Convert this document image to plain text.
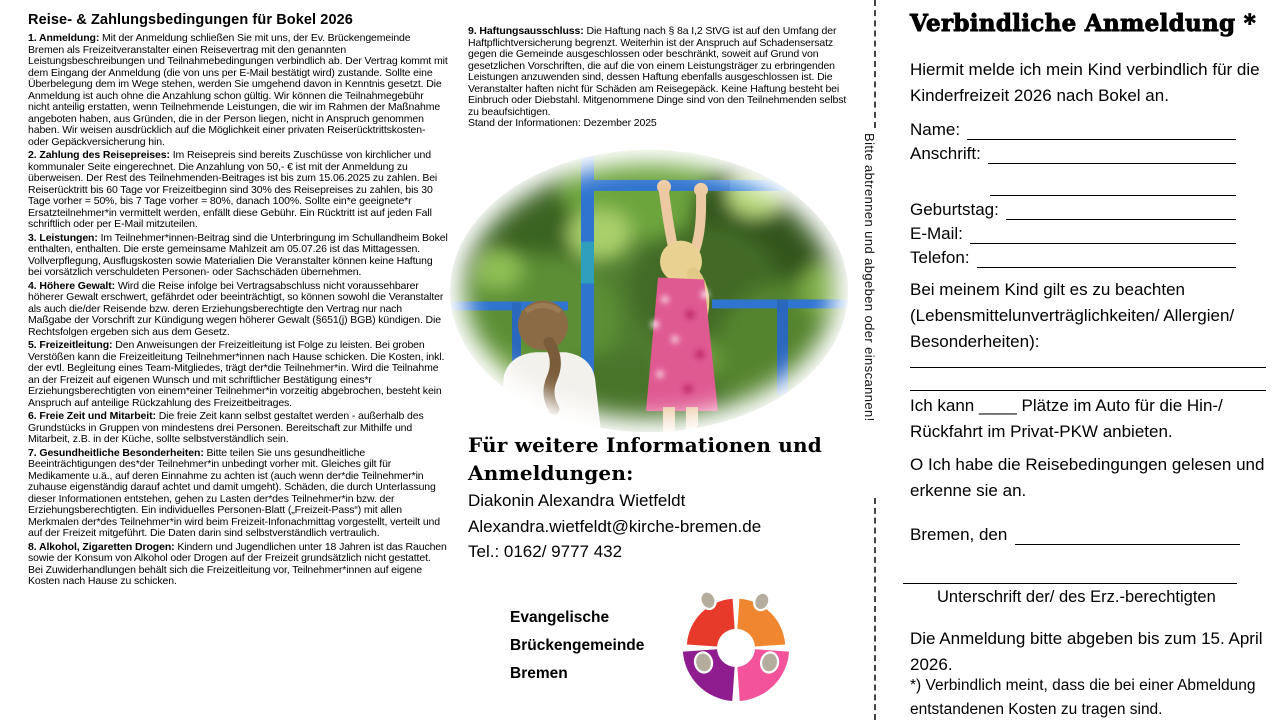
Reise- & Zahlungsbedingungen für Bokel 2026

1. Anmeldung: Mit der Anmeldung schließen Sie mit uns, der Ev. Brückengemeinde Bremen als Freizeitveranstalter einen Reisevertrag mit den genannten Leistungsbeschreibungen und Teilnahmebedingungen verbindlich ab. Der Vertrag kommt mit dem Eingang der Anmeldung (die von uns per E-Mail bestätigt wird) zustande. Sollte eine Überbelegung dem im Wege stehen, werden Sie umgehend davon in Kenntnis gesetzt. Die Anmeldung ist auch ohne die Anzahlung schon gültig. Wir können die Teilnahmegebühr nicht anteilig erstatten, wenn Teilnehmende Leistungen, die wir im Rahmen der Maßnahme angeboten haben, aus Gründen, die in der Person liegen, nicht in Anspruch genommen haben. Wir weisen ausdrücklich auf die Möglichkeit einer privaten Reiserücktrittskosten- oder Gepäckversicherung hin.

2. Zahlung des Reisepreises: Im Reisepreis sind bereits Zuschüsse von kirchlicher und kommunaler Seite eingerechnet. Die Anzahlung von 50,- € ist mit der Anmeldung zu überweisen. Der Rest des Teilnehmenden-Beitrages ist bis zum 15.06.2025 zu zahlen. Bei Reiserücktritt bis 60 Tage vor Freizeitbeginn sind 30% des Reisepreises zu zahlen, bis 30 Tage vorher = 50%, bis 7 Tage vorher = 80%, danach 100%. Sollte ein*e geeignete*r Ersatzteilnehmer*in vermittelt werden, enfällt diese Gebühr. Ein Rücktritt ist auf jeden Fall schriftlich oder per E-Mail mitzuteilen.

3. Leistungen: Im Teilnehmer*innen-Beitrag sind die Unterbringung im Schullandheim Bokel enthalten, enthalten. Die erste gemeinsame Mahlzeit am 05.07.26 ist das Mittagessen. Vollverpflegung, Ausflugskosten sowie Materialien Die Veranstalter können keine Haftung bei vorsätzlich verschuldeten Personen- oder Sachschäden übernehmen.

4. Höhere Gewalt: Wird die Reise infolge bei Vertragsabschluss nicht voraussehbarer höherer Gewalt erschwert, gefährdet oder beeinträchtigt, so können sowohl die Veranstalter als auch die/der Reisende bzw. deren Erziehungsberechtigte den Vertrag nur nach Maßgabe der Vorschrift zur Kündigung wegen höherer Gewalt (§651(j) BGB) kündigen. Die Rechtsfolgen ergeben sich aus dem Gesetz.

5. Freizeitleitung: Den Anweisungen der Freizeitleitung ist Folge zu leisten. Bei groben Verstößen kann die Freizeitleitung Teilnehmer*innen nach Hause schicken. Die Kosten, inkl. der evtl. Begleitung eines Team-Mitgliedes, trägt der*die Teilnehmer*in. Wird die Teilnahme an der Freizeit auf eigenen Wunsch und mit schriftlicher Bestätigung eines*r Erziehungsberechtigten von einem*einer Teilnehmer*in vorzeitig abgebrochen, besteht kein Anspruch auf anteilige Rückzahlung des Freizeitbeitrages.

6. Freie Zeit und Mitarbeit: Die freie Zeit kann selbst gestaltet werden - außerhalb des Grundstücks in Gruppen von mindestens drei Personen. Bereitschaft zur Mithilfe und Mitarbeit, z.B. in der Küche, sollte selbstverständlich sein.

7. Gesundheitliche Besonderheiten: Bitte teilen Sie uns gesundheitliche Beeinträchtigungen des*der Teilnehmer*in unbedingt vorher mit. Gleiches gilt für Medikamente u.ä., auf deren Einnahme zu achten ist (auch wenn der*die Teilnehmer*in zuhause eigenständig darauf achtet und damit umgeht). Schäden, die durch Unterlassung dieser Informationen entstehen, gehen zu Lasten der*des Teilnehmer*in bzw. der Erziehungsberechtigten. Ein individuelles Personen-Blatt („Freizeit-Pass“) mit allen Merkmalen der*des Teilnehmer*in wird beim Freizeit-Infonachmittag vorgestellt, verteilt und auf der Freizeit mitgeführt. Die Daten darin sind selbstverständlich vertraulich.

8. Alkohol, Zigaretten Drogen: Kindern und Jugendlichen unter 18 Jahren ist das Rauchen sowie der Konsum von Alkohol oder Drogen auf der Freizeit grundsätzlich nicht gestattet. Bei Zuwiderhandlungen behält sich die Freizeitleitung vor, Teilnehmer*innen auf eigene Kosten nach Hause zu schicken.

9. Haftungsausschluss: Die Haftung nach § 8a I,2 StVG ist auf den Umfang der Haftpflichtversicherung begrenzt. Weiterhin ist der Anspruch auf Schadensersatz gegen die Gemeinde ausgeschlossen oder beschränkt, soweit auf Grund von gesetzlichen Vorschriften, die auf die von einem Leistungsträger zu erbringenden Leistungen anzuwenden sind, dessen Haftung ebenfalls ausgeschlossen ist. Die Veranstalter haften nicht für Schäden am Reisegepäck. Keine Haftung besteht bei Einbruch oder Diebstahl. Mitgenommene Dinge sind von den Teilnehmenden selbst zu beaufsichtigen.

Stand der Informationen: Dezember 2025
Für weitere Informationen und Anmeldungen:
Diakonin Alexandra Wietfeldt
Alexandra.wietfeldt@kirche-bremen.de
Tel.: 0162/ 9777 432
Evangelische
Brückengemeinde
Bremen
Bitte abtrennen und abgeben oder einscannen!
Verbindliche Anmeldung *
Hiermit melde ich mein Kind verbindlich für die Kinderfreizeit 2026 nach Bokel an.
Name:
Anschrift:
Geburtstag:
E-Mail:
Telefon:
Bei meinem Kind gilt es zu beachten (Lebensmittelunverträglichkeiten/ Allergien/ Besonderheiten):
Ich kann ____ Plätze im Auto für die Hin-/ Rückfahrt im Privat-PKW anbieten.
O Ich habe die Reisebedingungen gelesen und erkenne sie an.
Bremen, den
Unterschrift der/ des Erz.-berechtigten
Die Anmeldung bitte abgeben bis zum 15. April 2026.
*) Verbindlich meint, dass die bei einer Abmeldung entstandenen Kosten zu tragen sind.
